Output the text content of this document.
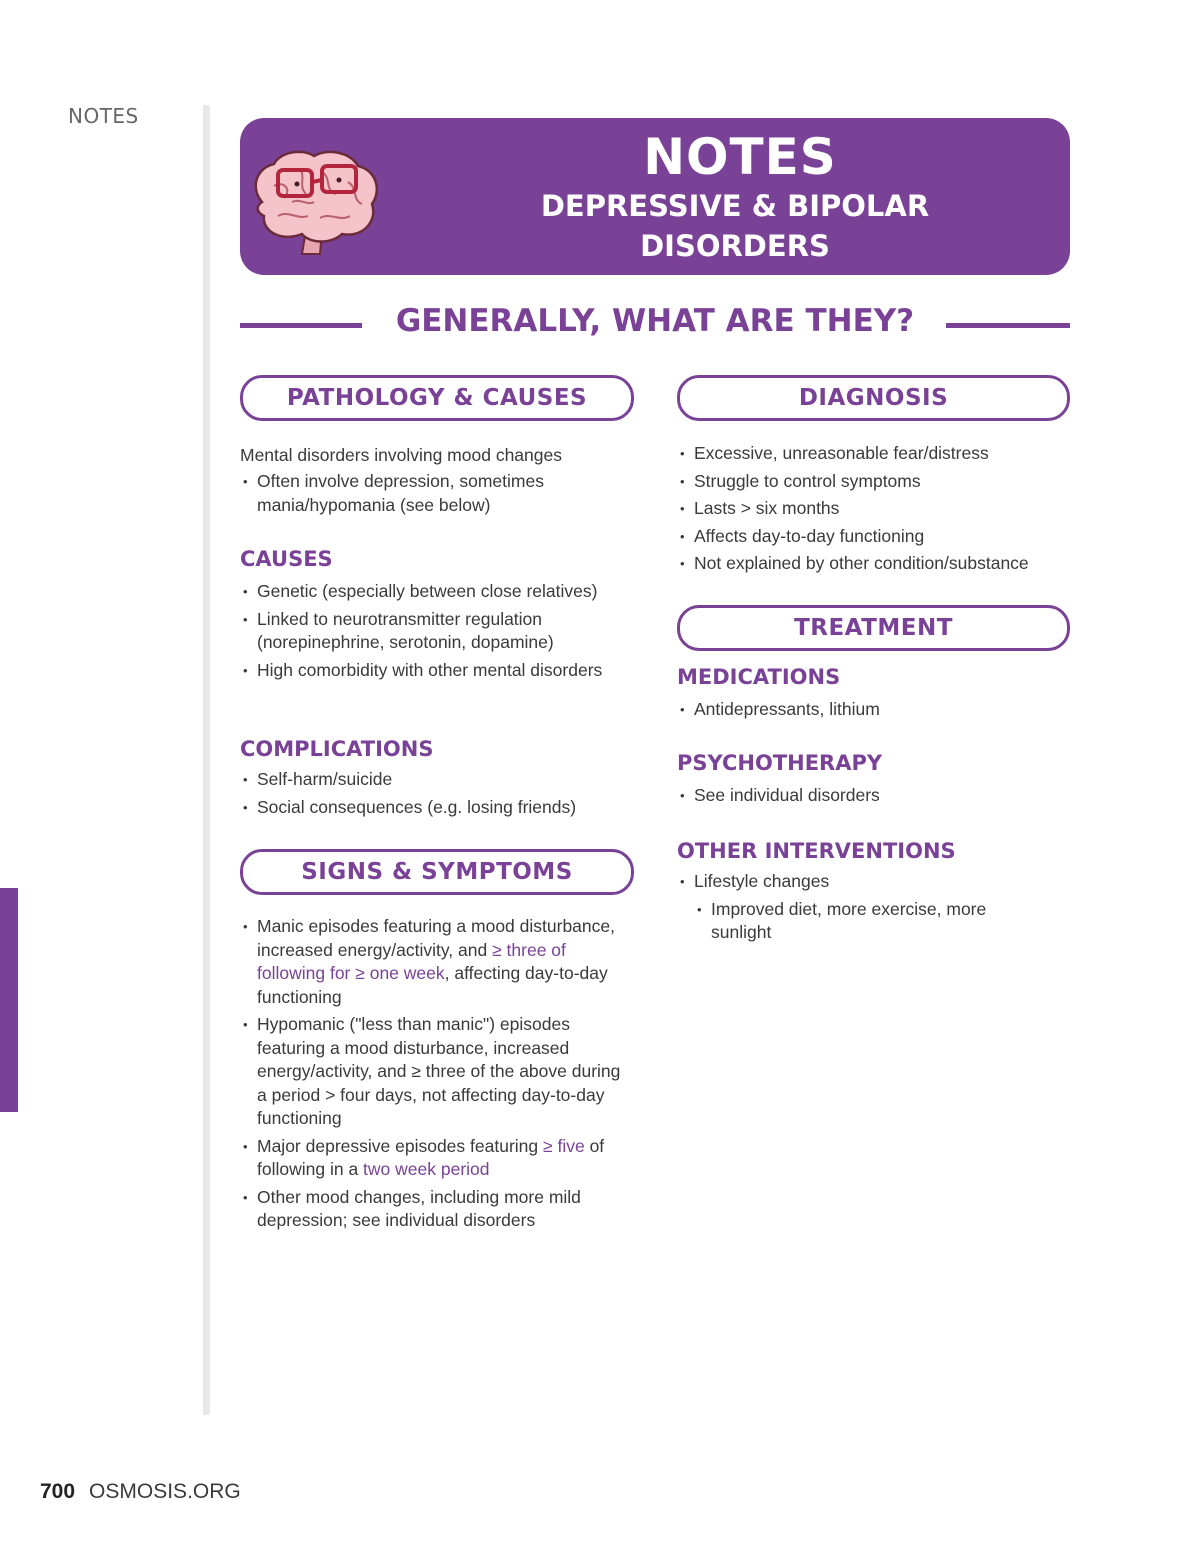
NOTES
700 OSMOSIS.ORG
NOTES
DEPRESSIVE & BIPOLAR
DISORDERS
GENERALLY, WHAT ARE THEY?
PATHOLOGY & CAUSES

Mental disorders involving mood changes

• Often involve depression, sometimes mania/hypomania (see below)
CAUSES
• Genetic (especially between close relatives)
• Linked to neurotransmitter regulation (norepinephrine, serotonin, dopamine)
• High comorbidity with other mental disorders
COMPLICATIONS
• Self-harm/suicide
• Social consequences (e.g. losing friends)
SIGNS & SYMPTOMS
• Manic episodes featuring a mood disturbance, increased energy/activity, and ≥ three of following for ≥ one week, affecting day-to-day functioning
• Hypomanic ("less than manic") episodes featuring a mood disturbance, increased energy/activity, and ≥ three of the above during a period > four days, not affecting day-to-day functioning
• Major depressive episodes featuring ≥ five of following in a two week period
• Other mood changes, including more mild depression; see individual disorders
DIAGNOSIS
• Excessive, unreasonable fear/distress
• Struggle to control symptoms
• Lasts > six months
• Affects day-to-day functioning
• Not explained by other condition/substance
TREATMENT
MEDICATIONS
• Antidepressants, lithium
PSYCHOTHERAPY
• See individual disorders
OTHER INTERVENTIONS
• Lifestyle changes
• Improved diet, more exercise, more sunlight
